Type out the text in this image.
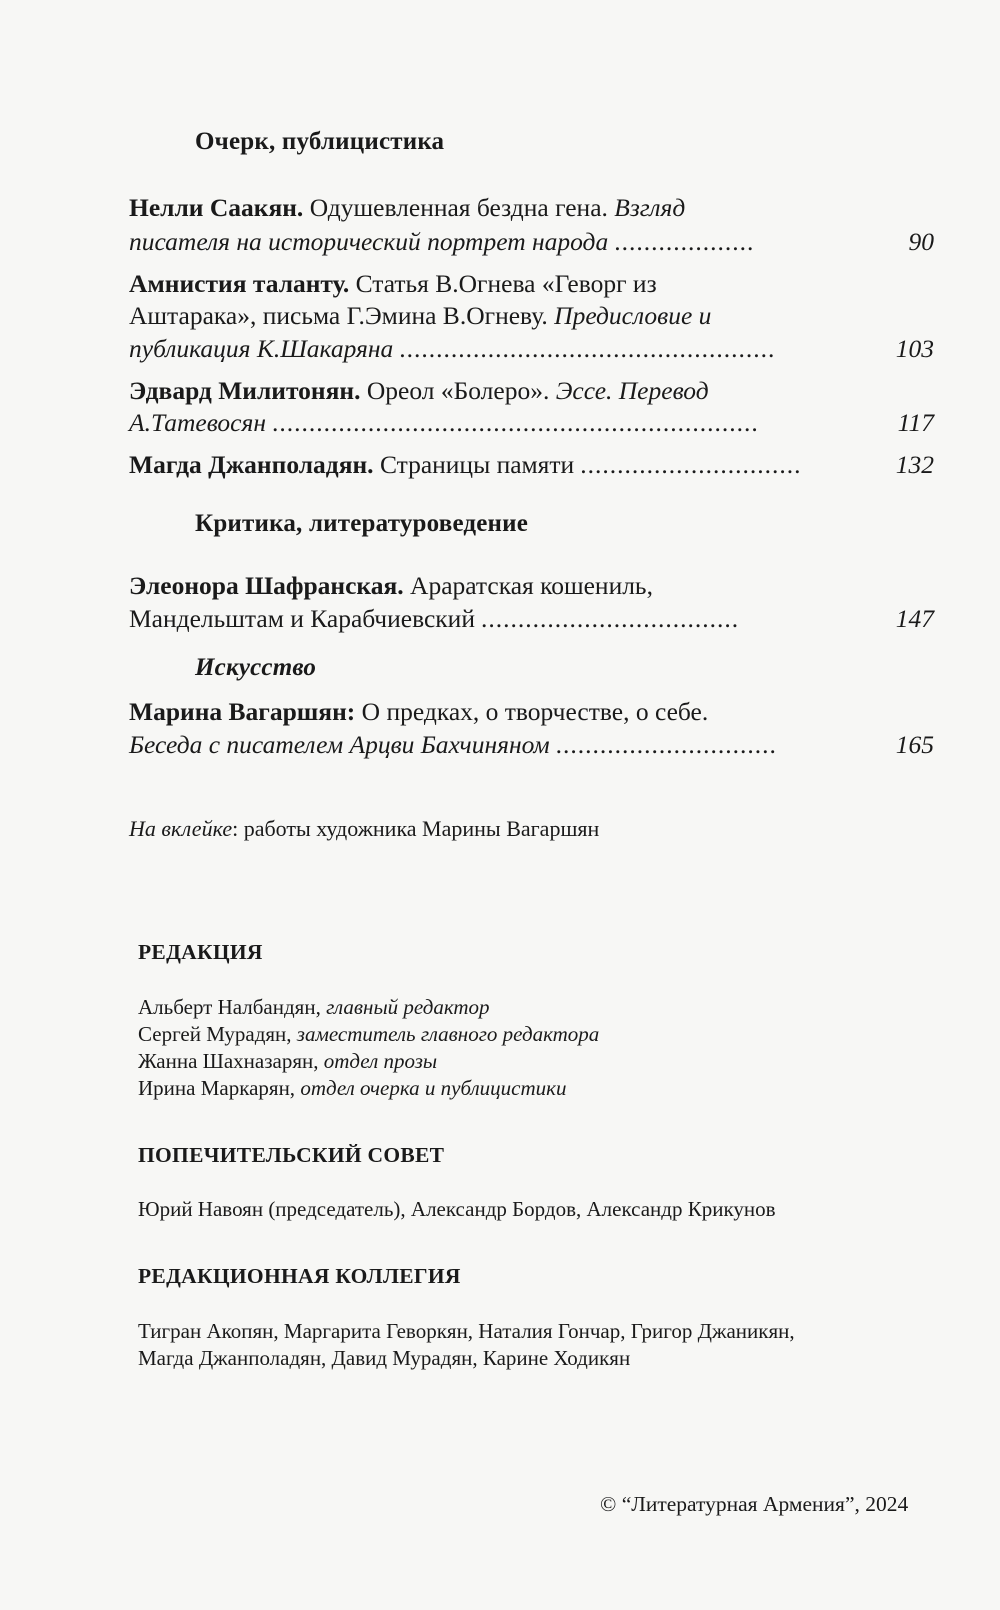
Очерк, публицистика
Нелли Саакян. Одушевленная бездна гена. Взгляд
писателя на исторический портрет народа ...................	90
Амнистия таланту. Статья В.Огнева «Геворг из
Аштарака», письма Г.Эмина В.Огневу. Предисловие и
публикация К.Шакаряна ...................................................	103
Эдвард Милитонян. Ореол «Болеро». Эссе. Перевод
А.Татевосян ..................................................................	117
Магда Джанполадян. Страницы памяти ..............................	132
Критика, литературоведение
Элеонора Шафранская. Араратская кошениль,
Мандельштам и Карабчиевский ...................................	147
Искусство
Марина Вагаршян: О предках, о творчестве, о себе.
Беседа с писателем Арцви Бахчиняном ..............................	165
На вклейке: работы художника Марины Вагаршян
РЕДАКЦИЯ
Альберт Налбандян, главный редактор
Сергей Мурадян, заместитель главного редактора
Жанна Шахназарян, отдел прозы
Ирина Маркарян, отдел очерка и публицистики
ПОПЕЧИТЕЛЬСКИЙ СОВЕТ
Юрий Навоян (председатель), Александр Бордов, Александр Крикунов
РЕДАКЦИОННАЯ КОЛЛЕГИЯ
Тигран Акопян, Маргарита Геворкян, Наталия Гончар, Григор Джаникян,
Магда Джанполадян, Давид Мурадян, Карине Ходикян
© “Литературная Армения”, 2024
